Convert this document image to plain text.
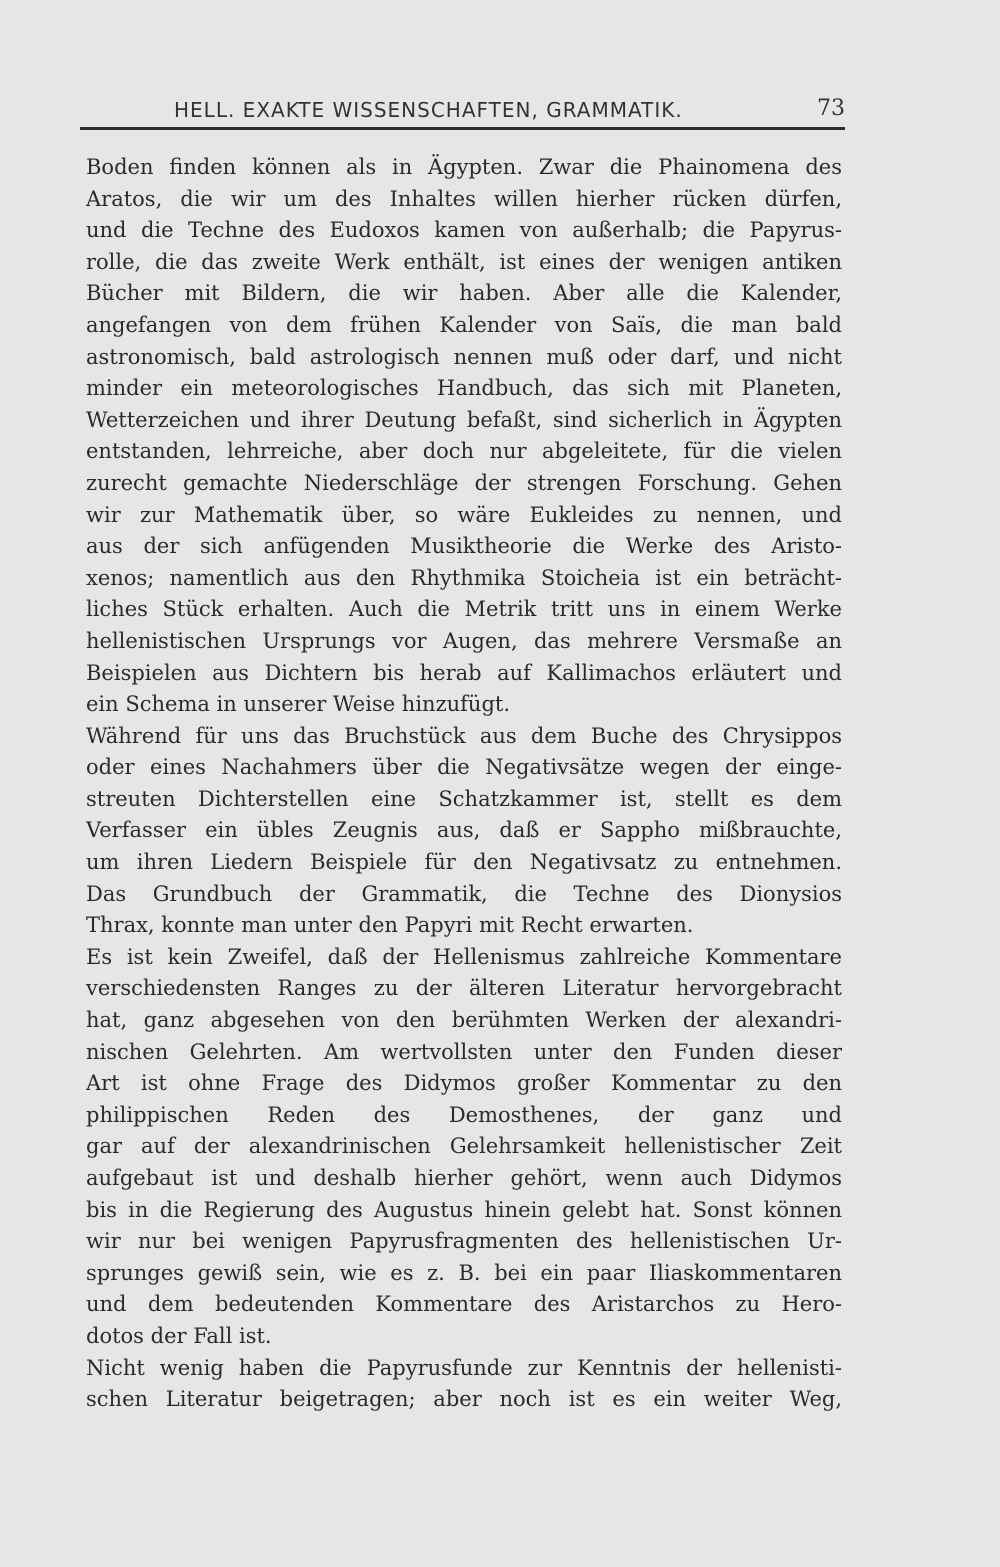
HELL. EXAKTE WISSENSCHAFTEN, GRAMMATIK.	73
Boden finden können als in Ägypten. Zwar die Phainomena des
Aratos, die wir um des Inhaltes willen hierher rücken dürfen,
und die Techne des Eudoxos kamen von außerhalb; die Papyrus-
rolle, die das zweite Werk enthält, ist eines der wenigen antiken
Bücher mit Bildern, die wir haben. Aber alle die Kalender,
angefangen von dem frühen Kalender von Saïs, die man bald
astronomisch, bald astrologisch nennen muß oder darf, und nicht
minder ein meteorologisches Handbuch, das sich mit Planeten,
Wetterzeichen und ihrer Deutung befaßt, sind sicherlich in Ägypten
entstanden, lehrreiche, aber doch nur abgeleitete, für die vielen
zurecht gemachte Niederschläge der strengen Forschung. Gehen
wir zur Mathematik über, so wäre Eukleides zu nennen, und
aus der sich anfügenden Musiktheorie die Werke des Aristo-
xenos; namentlich aus den Rhythmika Stoicheia ist ein beträcht-
liches Stück erhalten. Auch die Metrik tritt uns in einem Werke
hellenistischen Ursprungs vor Augen, das mehrere Versmaße an
Beispielen aus Dichtern bis herab auf Kallimachos erläutert und
ein Schema in unserer Weise hinzufügt.
Während für uns das Bruchstück aus dem Buche des Chrysippos
oder eines Nachahmers über die Negativsätze wegen der einge-
streuten Dichterstellen eine Schatzkammer ist, stellt es dem
Verfasser ein übles Zeugnis aus, daß er Sappho mißbrauchte,
um ihren Liedern Beispiele für den Negativsatz zu entnehmen.
Das Grundbuch der Grammatik, die Techne des Dionysios
Thrax, konnte man unter den Papyri mit Recht erwarten.
Es ist kein Zweifel, daß der Hellenismus zahlreiche Kommentare
verschiedensten Ranges zu der älteren Literatur hervorgebracht
hat, ganz abgesehen von den berühmten Werken der alexandri-
nischen Gelehrten. Am wertvollsten unter den Funden dieser
Art ist ohne Frage des Didymos großer Kommentar zu den
philippischen Reden des Demosthenes, der ganz und
gar auf der alexandrinischen Gelehrsamkeit hellenistischer Zeit
aufgebaut ist und deshalb hierher gehört, wenn auch Didymos
bis in die Regierung des Augustus hinein gelebt hat. Sonst können
wir nur bei wenigen Papyrusfragmenten des hellenistischen Ur-
sprunges gewiß sein, wie es z. B. bei ein paar Iliaskommentaren
und dem bedeutenden Kommentare des Aristarchos zu Hero-
dotos der Fall ist.
Nicht wenig haben die Papyrusfunde zur Kenntnis der hellenisti-
schen Literatur beigetragen; aber noch ist es ein weiter Weg,
